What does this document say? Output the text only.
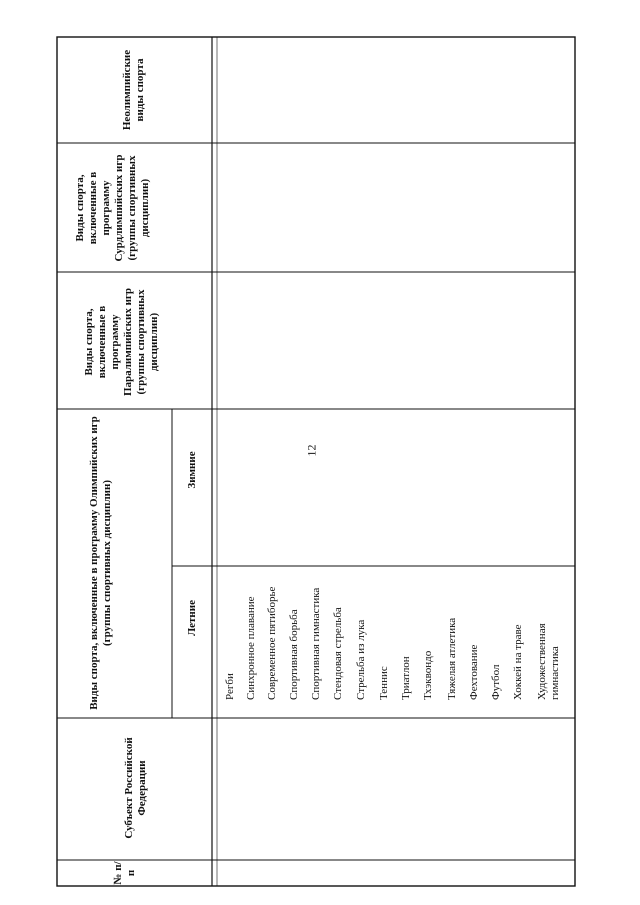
12
№ п/п
Субъект Российской Федерации
Виды спорта, включенные в программу Олимпийских игр (группы спортивных дисциплин)	Летние
Зимние
Виды спорта, включенные в программу Паралимпийских игр (группы спортивных дисциплин)
Виды спорта, включенные в программу Сурдлимпийских игр (группы спортивных дисциплин)
Неолимпийские виды спорта
Регби Синхронное плавание Современное пятиборье Спортивная борьба Спортивная гимнастика Стендовая стрельба Стрельба из лука Теннис Триатлон Тхэквондо Тяжелая атлетика Фехтование Футбол Хоккей на траве Художественная гимнастика
